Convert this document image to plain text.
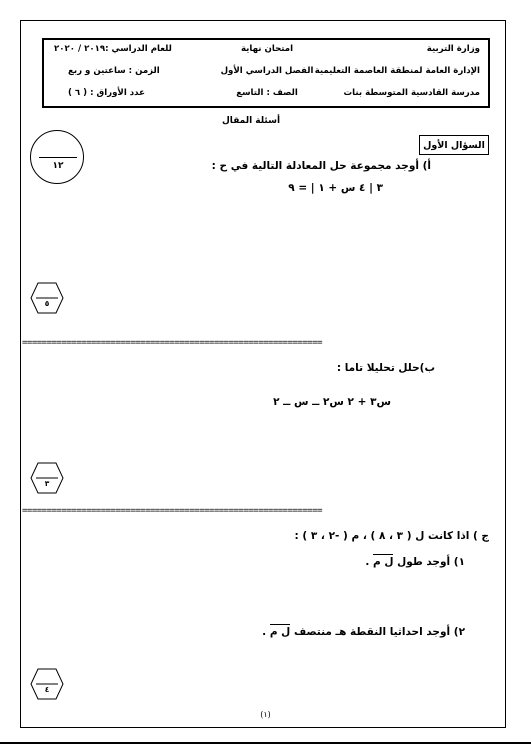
وزارة التربية
الإدارة العامة لمنطقة العاصمة التعليمية
مدرسة القادسية المتوسطة بنات
امتحان نهاية
الفصل الدراسي الأول
الصف : التاسع
للعام الدراسي :٢٠١٩ / ٢٠٢٠
الزمن : ساعتين و ربع
عدد الأوراق : ( ٦ )
أسئلة المقال
١٢
السؤال الأول
أ) أوجد مجموعة حل المعادلة التالية في ح :
٣ | ٤ س + ١ | = ٩
٥
=============================================================
ب)حلل تحليلا تاما :
س٣ + ٢ س٢ ــ س ــ ٢
٣
=============================================================
ج ) اذا كانت ل ( ٣ ، ٨ ) ، م ( -٢ ، ٣ ) :
١) أوجد طول ل م .
٢) أوجد احداثيا النقطة هـ منتصف ل م .
٤
(١)
